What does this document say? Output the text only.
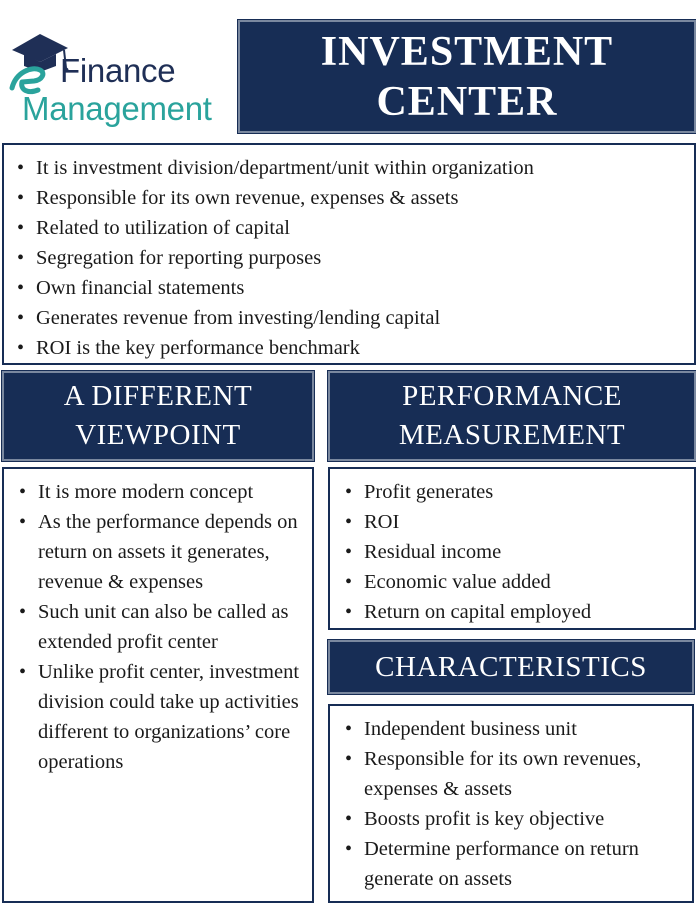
Finance
Management
INVESTMENT
CENTER
• It is investment division/department/unit within organization
• Responsible for its own revenue, expenses & assets
• Related to utilization of capital
• Segregation for reporting purposes
• Own financial statements
• Generates revenue from investing/lending capital
• ROI is the key performance benchmark
A DIFFERENT
VIEWPOINT
• It is more modern concept
• As the performance depends on return on assets it generates, revenue & expenses
• Such unit can also be called as extended profit center
• Unlike profit center, investment division could take up activities different to organizations’ core operations
PERFORMANCE
MEASUREMENT
• Profit generates
• ROI
• Residual income
• Economic value added
• Return on capital employed
CHARACTERISTICS
• Independent business unit
• Responsible for its own revenues, expenses & assets
• Boosts profit is key objective
• Determine performance on return generate on assets
